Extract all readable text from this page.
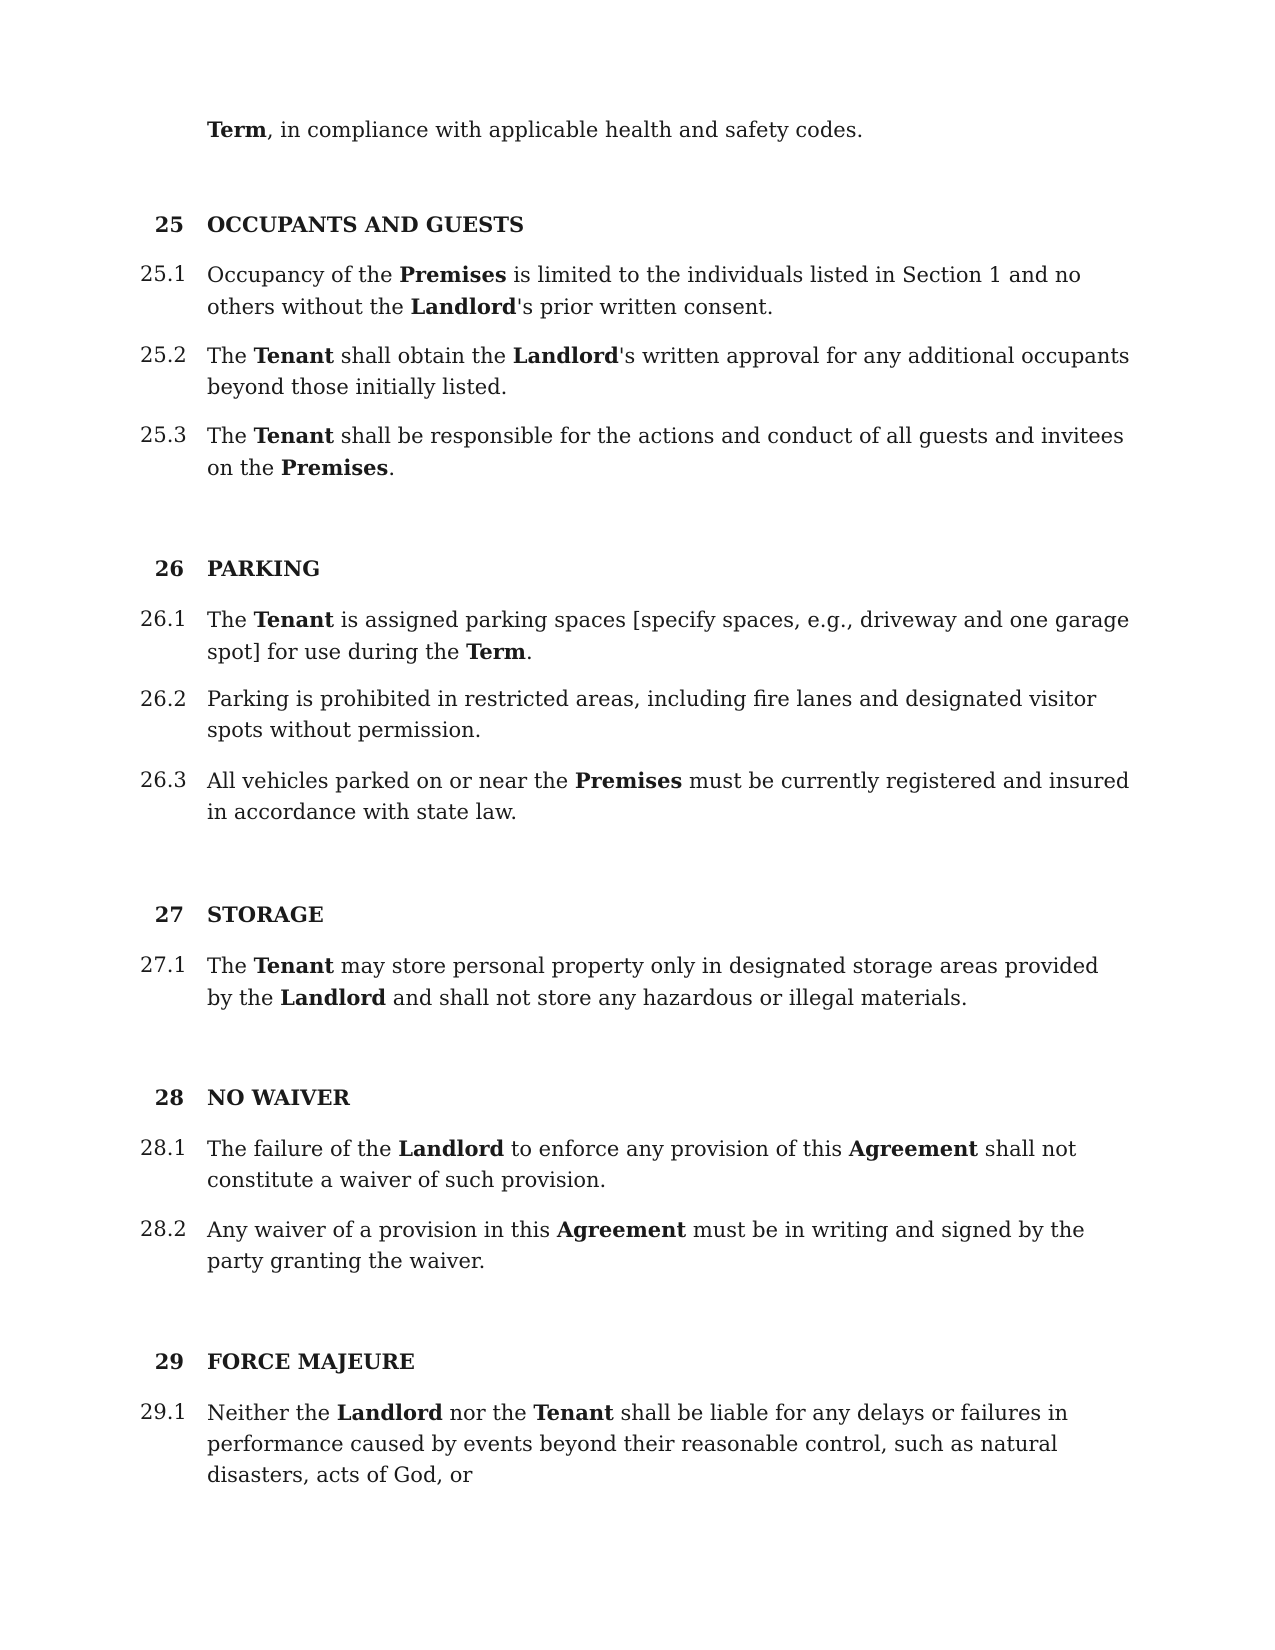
Term, in compliance with applicable health and safety codes.
25 OCCUPANTS AND GUESTS
25.1 Occupancy of the Premises is limited to the individuals listed in Section 1 and no others without the Landlord's prior written consent.
25.2 The Tenant shall obtain the Landlord's written approval for any additional occupants beyond those initially listed.
25.3 The Tenant shall be responsible for the actions and conduct of all guests and invitees on the Premises.
26 PARKING
26.1 The Tenant is assigned parking spaces [specify spaces, e.g., driveway and one garage spot] for use during the Term.
26.2 Parking is prohibited in restricted areas, including fire lanes and designated visitor spots without permission.
26.3 All vehicles parked on or near the Premises must be currently registered and insured in accordance with state law.
27 STORAGE
27.1 The Tenant may store personal property only in designated storage areas provided by the Landlord and shall not store any hazardous or illegal materials.
28 NO WAIVER
28.1 The failure of the Landlord to enforce any provision of this Agreement shall not constitute a waiver of such provision.
28.2 Any waiver of a provision in this Agreement must be in writing and signed by the party granting the waiver.
29 FORCE MAJEURE
29.1 Neither the Landlord nor the Tenant shall be liable for any delays or failures in performance caused by events beyond their reasonable control, such as natural disasters, acts of God, or
